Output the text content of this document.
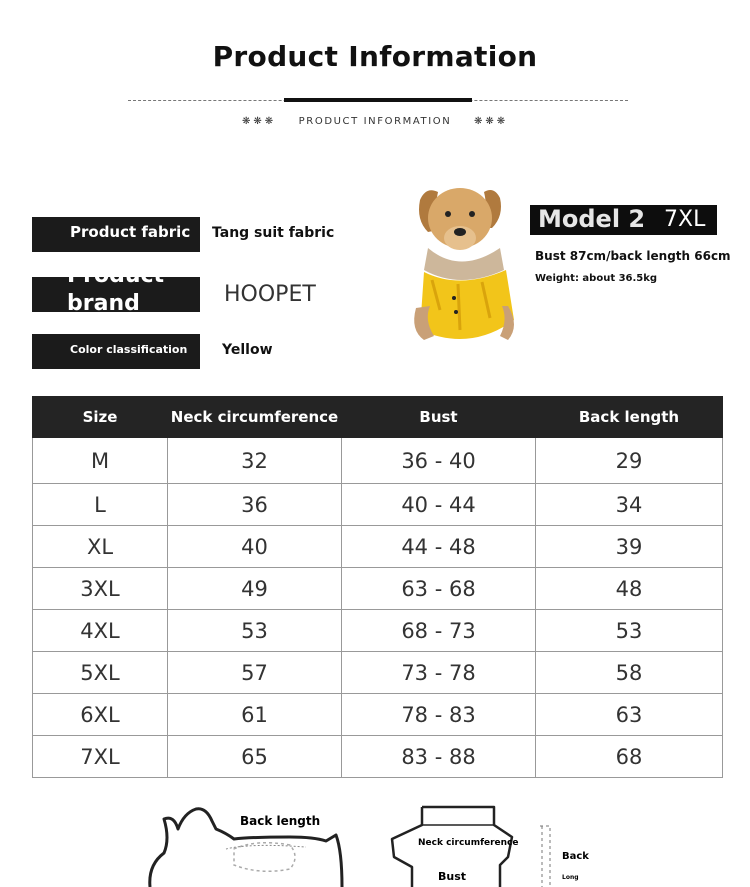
Product Information
❋❋❋	PRODUCT INFORMATION	❋❋❋
Product fabric Tang suit fabric
Product brand	HOOPET
Color classification Yellow
Model 2 7XL
Bust 87cm/back length 66cm
Weight: about 36.5kg
Size	Neck circumference	Bust	Back length
M	32	36 - 40	29
L	36	40 - 44	34
XL	40	44 - 48	39
3XL	49	63 - 68	48
4XL	53	68 - 73	53
5XL	57	73 - 78	58
6XL	61	78 - 83	63
7XL	65	83 - 88	68
Back length
Neck circumference
Bust
Back
Long
